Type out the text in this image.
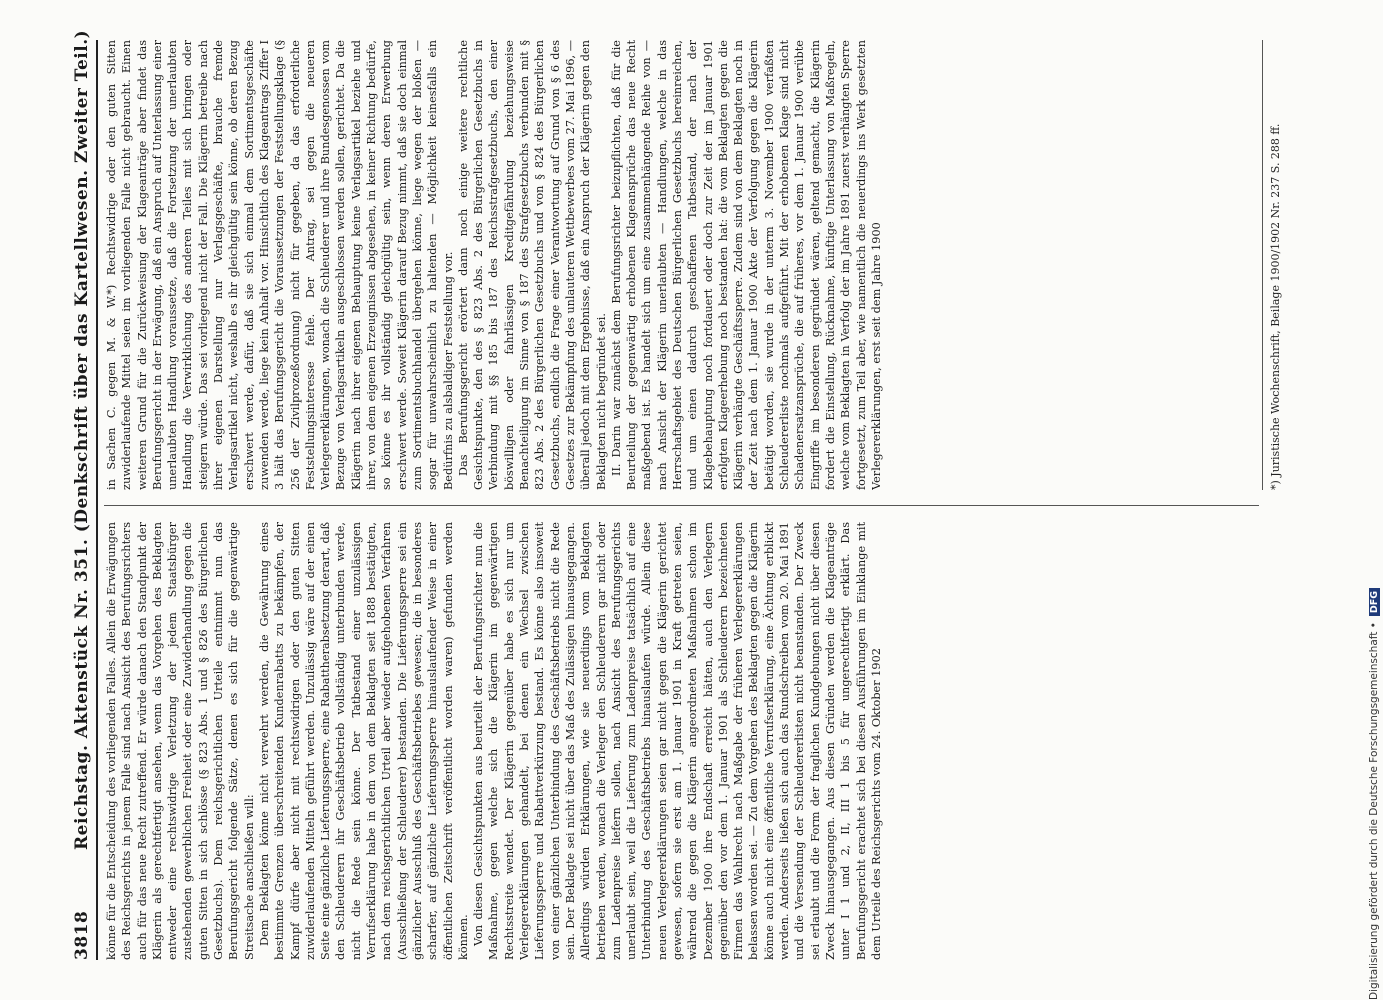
3818
Reichstag. Aktenstück Nr. 351. (Denkschrift über das Kartellwesen. Zweiter Teil.) könne für die Entscheidung des vorliegenden Falles. Allein die Erwägungen des Reichsgerichts in jenem Falle sind nach Ansicht des Berufungsrichters auch für das neue Recht zutreffend. Er würde danach den Standpunkt der Klägerin als gerechtfertigt ansehen, wenn das Vorgehen des Beklagten entweder eine rechtswidrige Verletzung der jedem Staatsbürger zustehenden gewerblichen Freiheit oder eine Zuwiderhandlung gegen die guten Sitten in sich schlösse (§ 823 Abs. 1 und § 826 des Bürgerlichen Gesetzbuchs). Dem reichsgerichtlichen Urteile entnimmt nun das Berufungsgericht folgende Sätze, denen es sich für die gegenwärtige Streitsache anschließen will: Dem Beklagten könne nicht verwehrt werden, die Gewährung eines bestimmte Grenzen überschreitenden Kundenrabatts zu bekämpfen, der Kampf dürfe aber nicht mit rechtswidrigen oder den guten Sitten zuwiderlaufenden Mitteln geführt werden. Unzulässig wäre auf der einen Seite eine gänzliche Lieferungssperre, eine Rabattherabsetzung derart, daß den Schleuderern ihr Geschäftsbetrieb vollständig unterbunden werde, nicht die Rede sein könne. Der Tatbestand einer unzulässigen Verrufserklärung habe in dem von dem Beklagten seit 1888 bestätigten, nach dem reichsgerichtlichen Urteil aber wieder aufgehobenen Verfahren (Ausschließung der Schleuderer) bestanden. Die Lieferungssperre sei ein gänzlicher Ausschluß des Geschäftsbetriebes gewesen; die in besonderes scharfer, auf gänzliche Lieferungssperre hinauslaufender Weise in einer öffentlichen Zeitschrift veröffentlicht worden waren) gefunden werden können. Von diesen Gesichtspunkten aus beurteilt der Berufungsrichter nun die Maßnahme, gegen welche sich die Klägerin im gegenwärtigen Rechtsstreite wendet. Der Klägerin gegenüber habe es sich nur um Verlegererklärungen gehandelt, bei denen ein Wechsel zwischen Lieferungssperre und Rabattverkürzung bestand. Es könne also insoweit von einer gänzlichen Unterbindung des Geschäftsbetriebs nicht die Rede sein. Der Beklagte sei nicht über das Maß des Zulässigen hinausgegangen. Allerdings würden Erklärungen, wie sie neuerdings vom Beklagten betrieben werden, wonach die Verleger den Schleuderern gar nicht oder zum Ladenpreise liefern sollen, nach Ansicht des Berufungsgerichts unerlaubt sein, weil die Lieferung zum Ladenpreise tatsächlich auf eine Unterbindung des Geschäftsbetriebs hinauslaufen würde. Allein diese neuen Verlegererklärungen seien gar nicht gegen die Klägerin gerichtet gewesen, sofern sie erst am 1. Januar 1901 in Kraft getreten seien, während die gegen die Klägerin angeordneten Maßnahmen schon im Dezember 1900 ihre Endschaft erreicht hätten, auch den Verlegern gegenüber den vor dem 1. Januar 1901 als Schleuderern bezeichneten Firmen das Wahlrecht nach Maßgabe der früheren Verlegererklärungen belassen worden sei. — Zu dem Vorgehen des Beklagten gegen die Klägerin könne auch nicht eine öffentliche Verrufserklärung, eine Ächtung erblickt werden. Anderseits ließen sich auch das Rundschreiben vom 20. Mai 1891 und die Versendung der Schleudererlisten nicht beanstanden. Der Zweck sei erlaubt und die Form der fraglichen Kundgebungen nicht über diesen Zweck hinausgegangen. Aus diesen Gründen werden die Klageanträge unter I 1 und 2, II, III 1 bis 5 für ungerechtfertigt erklärt. Das Berufungsgericht erachtet sich bei diesen Ausführungen im Einklange mit dem Urteile des Reichsgerichts vom 24. Oktober 1902

in Sachen C. gegen M. & W.*) Rechtswidrige oder den guten Sitten zuwiderlaufende Mittel seien im vorliegenden Falle nicht gebraucht. Einen weiteren Grund für die Zurückweisung der Klageanträge aber findet das Berufungsgericht in der Erwägung, daß ein Anspruch auf Unterlassung einer unerlaubten Handlung voraussetze, daß die Fortsetzung der unerlaubten Handlung die Verwirklichung des anderen Teiles mit sich bringen oder steigern würde. Das sei vorliegend nicht der Fall. Die Klägerin betreibe nach ihrer eigenen Darstellung nur Verlagsgeschäfte, brauche fremde Verlagsartikel nicht, weshalb es ihr gleichgültig sein könne, ob deren Bezug erschwert werde, dafür, daß sie sich einmal dem Sortimentsgeschäfte zuwenden werde, liege kein Anhalt vor. Hinsichtlich des Klageantrags Ziffer I 3 hält das Berufungsgericht die Voraussetzungen der Feststellungsklage (§ 256 der Zivilprozeßordnung) nicht für gegeben, da das erforderliche Feststellungsinteresse fehle. Der Antrag, sei gegen die neueren Verlegererklärungen, wonach die Schleuderer und ihre Bundesgenossen vom Bezuge von Verlagsartikeln ausgeschlossen werden sollen, gerichtet. Da die Klägerin nach ihrer eigenen Behauptung keine Verlagsartikel beziehe und ihrer, von dem eigenen Erzeugnissen abgesehen, in keiner Richtung bedürfe, so könne es ihr vollständig gleichgültig sein, wenn deren Erwerbung erschwert werde. Soweit Klägerin darauf Bezug nimmt, daß sie doch einmal zum Sortimentsbuchhandel übergehen könne, liege wegen der bloßen — sogar für unwahrscheinlich zu haltenden — Möglichkeit keinesfalls ein Bedürfnis zu alsbaldiger Feststellung vor. Das Berufungsgericht erörtert dann noch einige weitere rechtliche Gesichtspunkte, den des § 823 Abs. 2 des Bürgerlichen Gesetzbuchs in Verbindung mit §§ 185 bis 187 des Reichsstrafgesetzbuchs, den einer böswilligen oder fahrlässigen Kreditgefährdung beziehungsweise Benachteiligung im Sinne von § 187 des Strafgesetzbuchs verbunden mit § 823 Abs. 2 des Bürgerlichen Gesetzbuchs und von § 824 des Bürgerlichen Gesetzbuchs, endlich die Frage einer Verantwortung auf Grund von § 6 des Gesetzes zur Bekämpfung des unlauteren Wettbewerbes vom 27. Mai 1896, — überall jedoch mit dem Ergebnisse, daß ein Anspruch der Klägerin gegen den Beklagten nicht begründet sei. II. Darin war zunächst dem Berufungsrichter beizupflichten, daß für die Beurteilung der gegenwärtig erhobenen Klageansprüche das neue Recht maßgebend ist. Es handelt sich um eine zusammenhängende Reihe von — nach Ansicht der Klägerin unerlaubten — Handlungen, welche in das Herrschaftsgebiet des Deutschen Bürgerlichen Gesetzbuchs hereinreichen, und um einen dadurch geschaffenen Tatbestand, der nach der Klagebehauptung noch fortdauert oder doch zur Zeit der im Januar 1901 erfolgten Klageerhebung noch bestanden hat: die vom Beklagten gegen die Klägerin verhängte Geschäftssperre. Zudem sind von dem Beklagten noch in der Zeit nach dem 1. Januar 1900 Akte der Verfolgung gegen die Klägerin betätigt worden, sie wurde in der unterm 3. November 1900 verfaßten Schleudererliste nochmals aufgeführt. Mit der erhobenen Klage sind nicht Schadenersatzansprüche, die auf früheres, vor dem 1. Januar 1900 verübte Eingriffe im besonderen gegründet wären, geltend gemacht, die Klägerin fordert die Einstellung, Rücknahme, künftige Unterlassung von Maßregeln, welche vom Beklagten in Verfolg der im Jahre 1891 zuerst verhängten Sperre fortgesetzt, zum Teil aber, wie namentlich die neuerdings ins Werk gesetzten Verlegererklärungen, erst seit dem Jahre 1900	*) Juristische Wochenschrift, Beilage 1900/1902 Nr. 237 S. 288 ff.
Digitalisierung gefördert durch die Deutsche Forschungsgemeinschaft •DFG
